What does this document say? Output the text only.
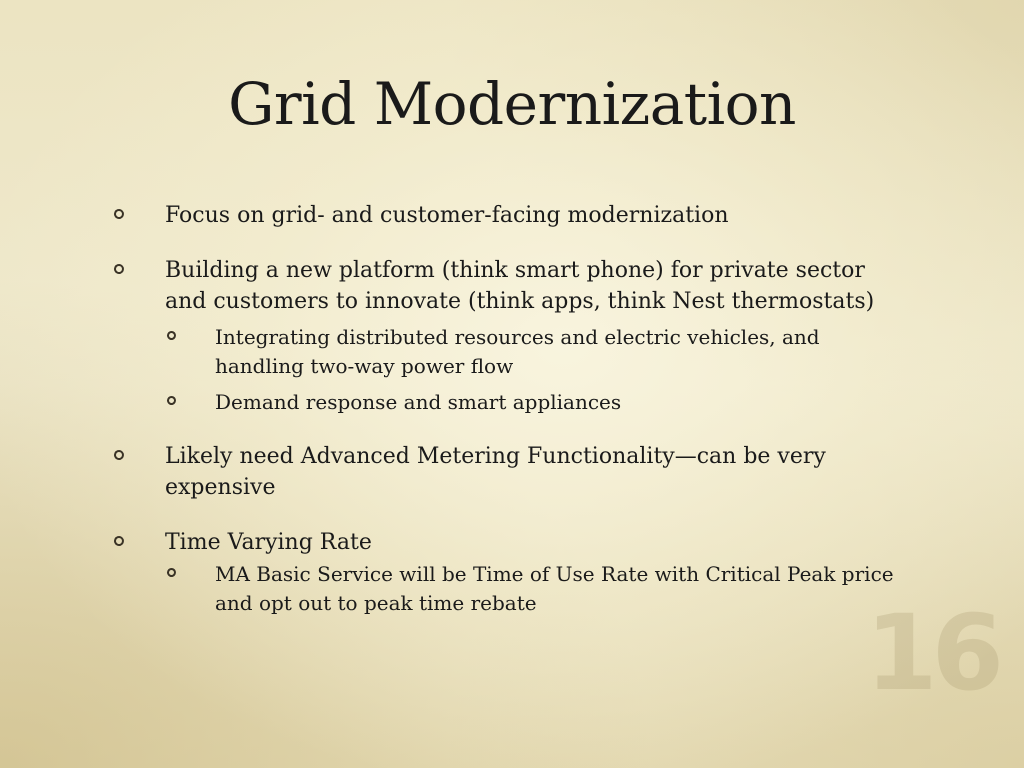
Grid Modernization
Focus on grid- and customer-facing modernization
Building a new platform (think smart phone) for private sector and customers to innovate (think apps, think Nest thermostats)
Integrating distributed resources and electric vehicles, and handling two-way power flow
Demand response and smart appliances
Likely need Advanced Metering Functionality—can be very expensive
Time Varying Rate
MA Basic Service will be Time of Use Rate with Critical Peak price and opt out to peak time rebate	16
